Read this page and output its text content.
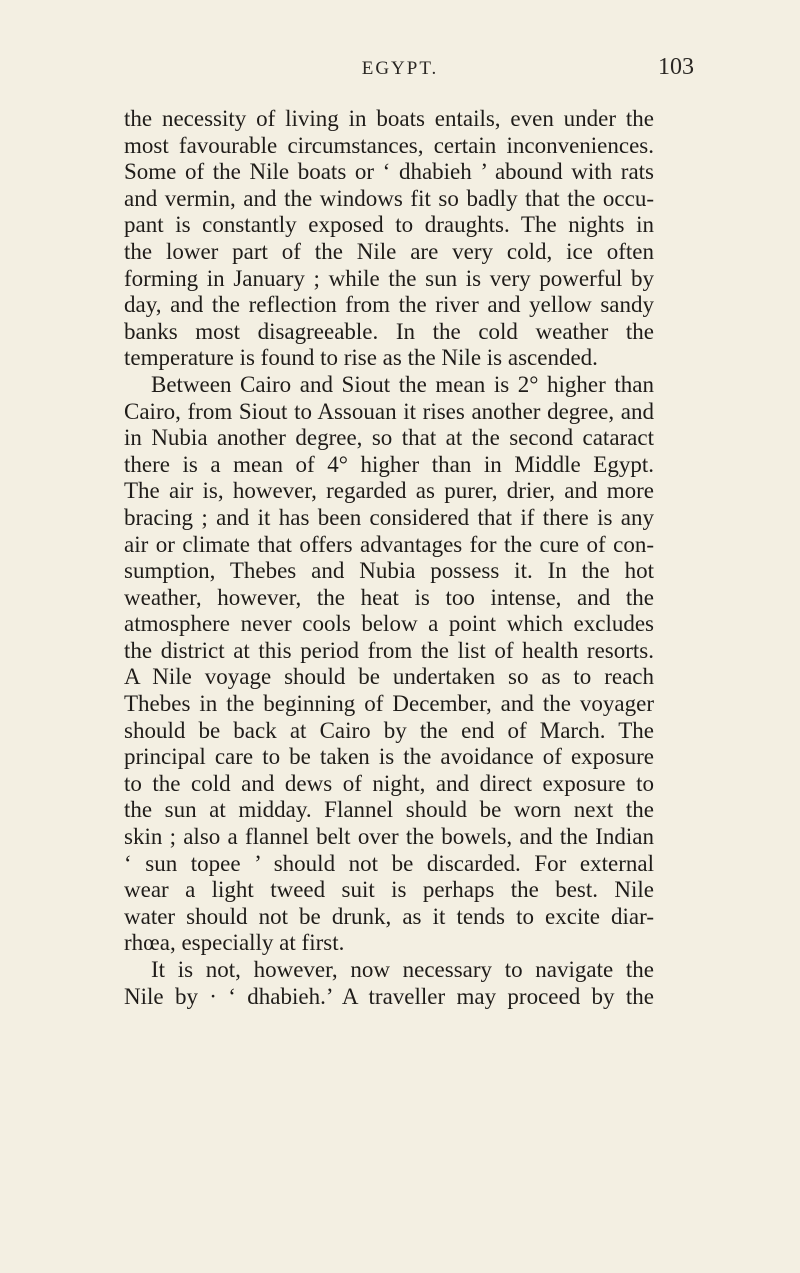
EGYPT.	103
the necessity of living in boats entails, even under the
most favourable circumstances, certain inconveniences.
Some of the Nile boats or ‘ dhabieh ’ abound with rats
and vermin, and the windows fit so badly that the occu-
pant is constantly exposed to draughts. The nights in
the lower part of the Nile are very cold, ice often
forming in January ; while the sun is very powerful by
day, and the reflection from the river and yellow sandy
banks most disagreeable. In the cold weather the
temperature is found to rise as the Nile is ascended.
Between Cairo and Siout the mean is 2° higher than
Cairo, from Siout to Assouan it rises another degree, and
in Nubia another degree, so that at the second cataract
there is a mean of 4° higher than in Middle Egypt.
The air is, however, regarded as purer, drier, and more
bracing ; and it has been considered that if there is any
air or climate that offers advantages for the cure of con-
sumption, Thebes and Nubia possess it. In the hot
weather, however, the heat is too intense, and the
atmosphere never cools below a point which excludes
the district at this period from the list of health resorts.
A Nile voyage should be undertaken so as to reach
Thebes in the beginning of December, and the voyager
should be back at Cairo by the end of March. The
principal care to be taken is the avoidance of exposure
to the cold and dews of night, and direct exposure to
the sun at midday. Flannel should be worn next the
skin ; also a flannel belt over the bowels, and the Indian
‘ sun topee ’ should not be discarded. For external
wear a light tweed suit is perhaps the best. Nile
water should not be drunk, as it tends to excite diar-
rhœa, especially at first.
It is not, however, now necessary to navigate the
Nile by · ‘ dhabieh.’ A traveller may proceed by the
